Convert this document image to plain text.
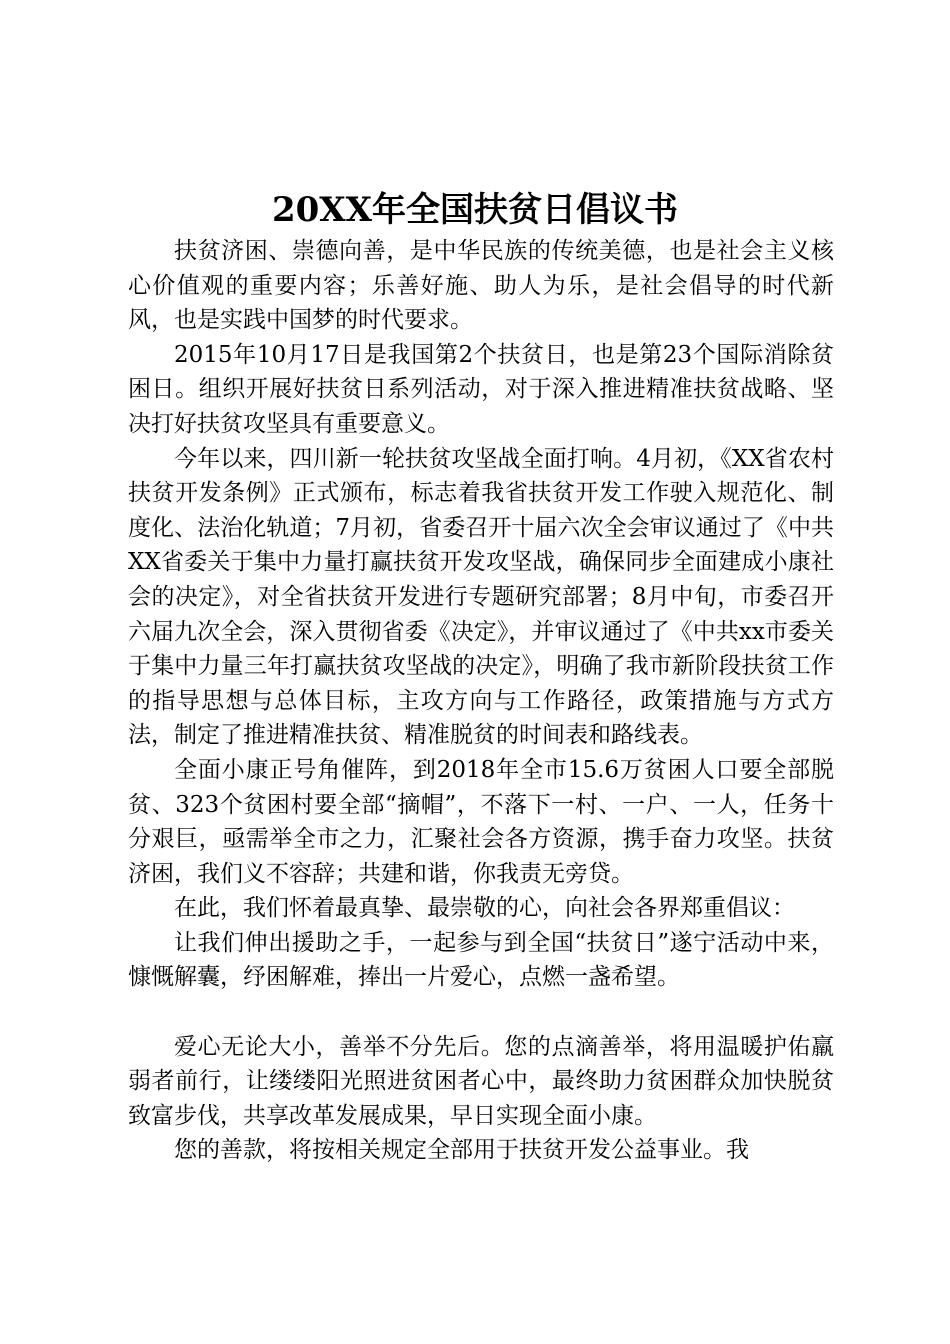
20XX年全国扶贫日倡议书

扶贫济困、崇德向善，是中华民族的传统美德，也是社会主义核心价值观的重要内容；乐善好施、助人为乐，是社会倡导的时代新风，也是实践中国梦的时代要求。

2015年10月17日是我国第2个扶贫日，也是第23个国际消除贫困日。组织开展好扶贫日系列活动，对于深入推进精准扶贫战略、坚决打好扶贫攻坚具有重要意义。

今年以来，四川新一轮扶贫攻坚战全面打响。4月初，《XX省农村扶贫开发条例》正式颁布，标志着我省扶贫开发工作驶入规范化、制度化、法治化轨道；7月初，省委召开十届六次全会审议通过了《中共XX省委关于集中力量打赢扶贫开发攻坚战，确保同步全面建成小康社会的决定》，对全省扶贫开发进行专题研究部署；8月中旬，市委召开六届九次全会，深入贯彻省委《决定》，并审议通过了《中共xx市委关于集中力量三年打赢扶贫攻坚战的决定》，明确了我市新阶段扶贫工作的指导思想与总体目标，主攻方向与工作路径，政策措施与方式方法，制定了推进精准扶贫、精准脱贫的时间表和路线表。

全面小康正号角催阵，到2018年全市15.6万贫困人口要全部脱贫、323个贫困村要全部“摘帽”，不落下一村、一户、一人，任务十分艰巨，亟需举全市之力，汇聚社会各方资源，携手奋力攻坚。扶贫济困，我们义不容辞；共建和谐，你我责无旁贷。

在此，我们怀着最真挚、最崇敬的心，向社会各界郑重倡议：

让我们伸出援助之手，一起参与到全国“扶贫日”遂宁活动中来，慷慨解囊，纾困解难，捧出一片爱心，点燃一盏希望。

爱心无论大小，善举不分先后。您的点滴善举，将用温暖护佑羸弱者前行，让缕缕阳光照进贫困者心中，最终助力贫困群众加快脱贫致富步伐，共享改革发展成果，早日实现全面小康。

您的善款，将按相关规定全部用于扶贫开发公益事业。我
